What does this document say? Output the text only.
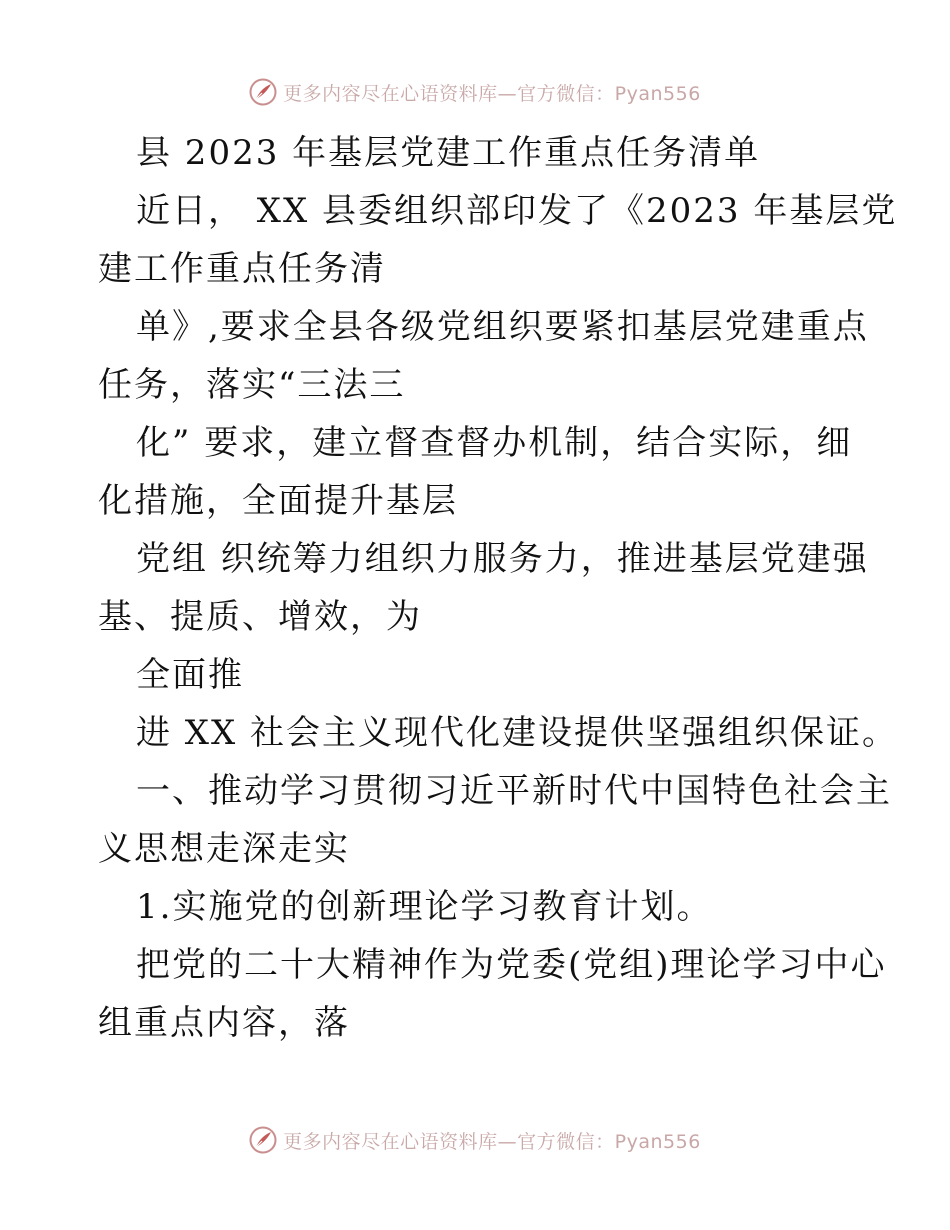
更多内容尽在心语资料库—官方微信：Pyan556
县 2023 年基层党建工作重点任务清单
近日， XX 县委组织部印发了《2023 年基层党
建工作重点任务清
单》,要求全县各级党组织要紧扣基层党建重点
任务，落实“三法三
化” 要求，建立督查督办机制，结合实际，细
化措施，全面提升基层
党组 织统筹力组织力服务力，推进基层党建强
基、提质、增效，为
全面推
进 XX 社会主义现代化建设提供坚强组织保证。
一、推动学习贯彻习近平新时代中国特色社会主
义思想走深走实
1.实施党的创新理论学习教育计划。
把党的二十大精神作为党委(党组)理论学习中心
组重点内容，落
更多内容尽在心语资料库—官方微信：Pyan556
